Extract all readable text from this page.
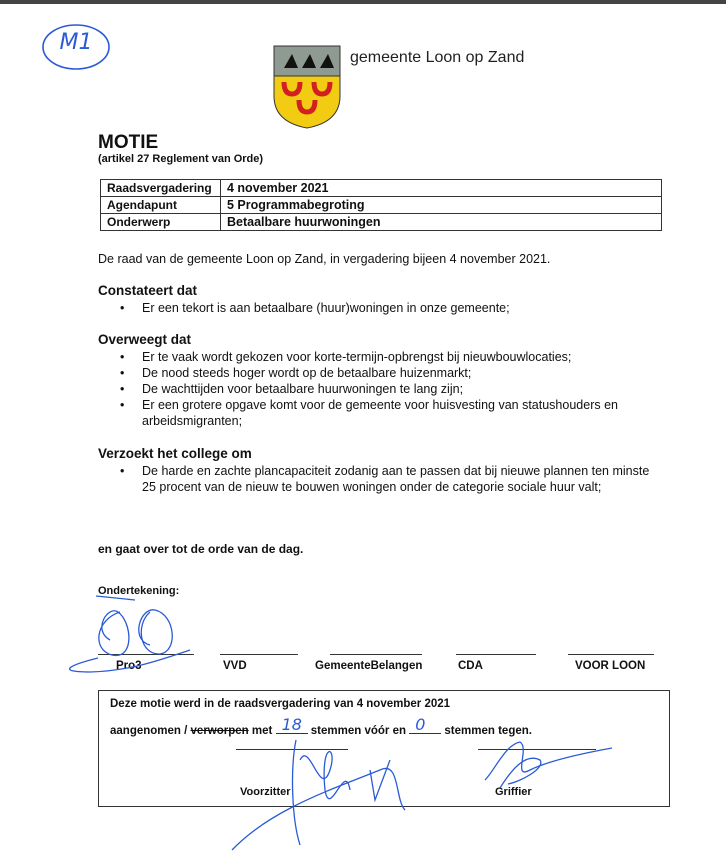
M1
gemeente Loon op Zand
MOTIE
(artikel 27 Reglement van Orde)
Raadsvergadering	4 november 2021
Agendapunt	5 Programmabegroting
Onderwerp	Betaalbare huurwoningen
De raad van de gemeente Loon op Zand, in vergadering bijeen 4 november 2021.
Constateert dat
• Er een tekort is aan betaalbare (huur)woningen in onze gemeente;
Overweegt dat
• Er te vaak wordt gekozen voor korte-termijn-opbrengst bij nieuwbouwlocaties;
• De nood steeds hoger wordt op de betaalbare huizenmarkt;
• De wachttijden voor betaalbare huurwoningen te lang zijn;
• Er een grotere opgave komt voor de gemeente voor huisvesting van statushouders en arbeidsmigranten;
Verzoekt het college om
• De harde en zachte plancapaciteit zodanig aan te passen dat bij nieuwe plannen ten minste 25 procent van de nieuw te bouwen woningen onder de categorie sociale huur valt;
en gaat over tot de orde van de dag.
Ondertekening:
Pro3	VVD	GemeenteBelangen	CDA	VOOR LOON
Deze motie werd in de raadsvergadering van 4 november 2021
aangenomen / verworpen met 18 stemmen vóór en 0 stemmen tegen.
Voorzitter	Griffier
